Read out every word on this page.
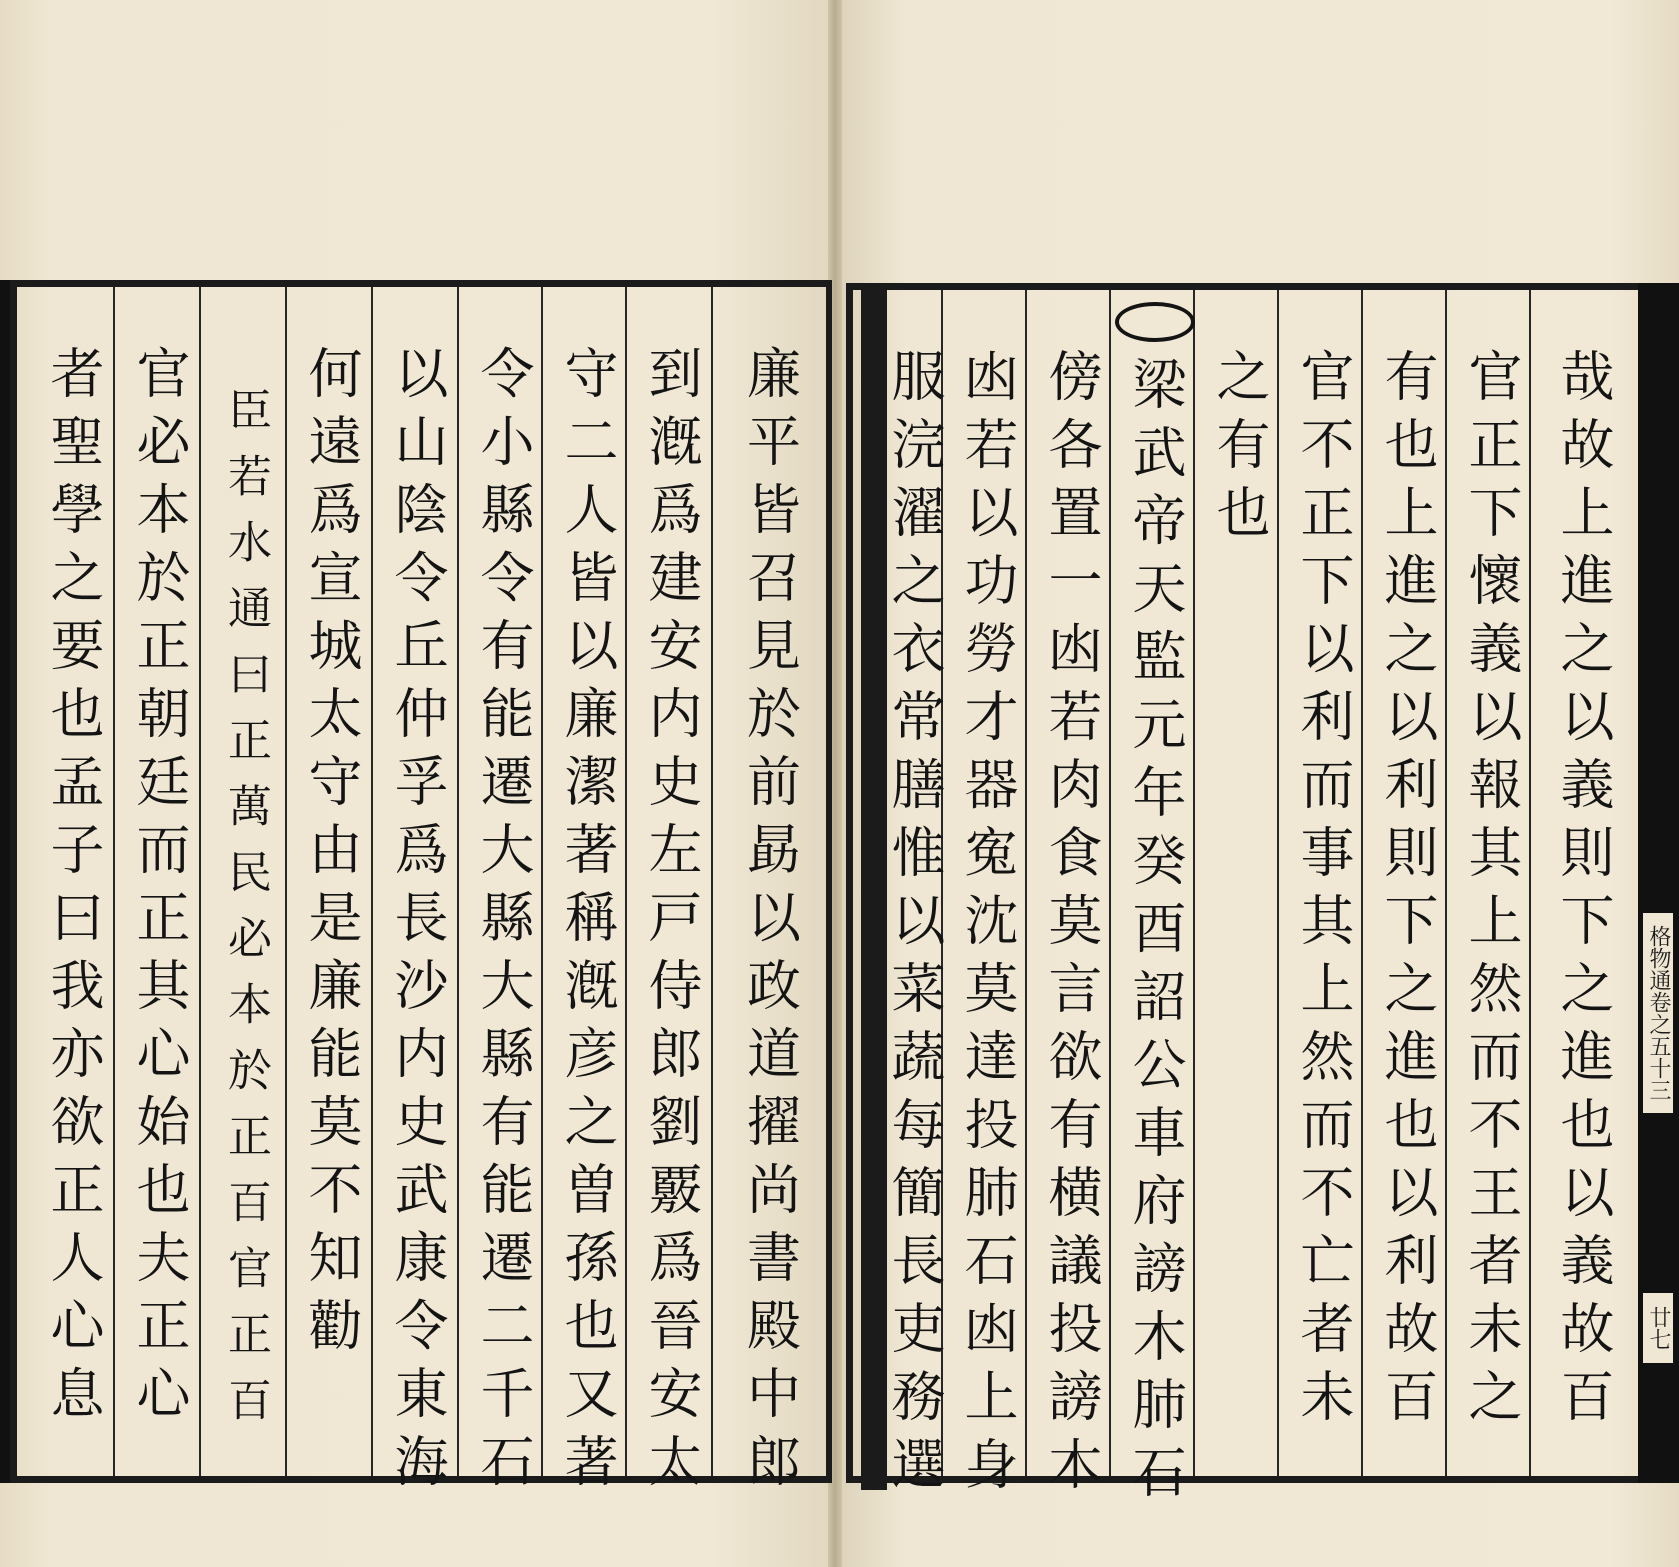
廉平皆召見於前勗以政道擢尚書殿中郎
到漑爲建安内史左戸侍郎劉覈爲晉安太
守二人皆以廉潔著稱漑彦之曽孫也又著
令小縣令有能遷大縣大縣有能遷二千石
以山陰令丘仲孚爲長沙内史武康令東海
何遠爲宣城太守由是廉能莫不知勸
臣若水通曰正萬民必本於正百官正百
官必本於正朝廷而正其心始也夫正心
者聖學之要也孟子曰我亦欲正人心息	哉故上進之以義則下之進也以義故百
官正下懷義以報其上然而不王者未之
有也上進之以利則下之進也以利故百
官不正下以利而事其上然而不亡者未
之有也
梁武帝天監元年癸酉詔公車府謗木肺石
傍各置一凼若肉食莫言欲有横議投謗木
凼若以功勞才器寃沈莫達投肺石凼上身
服浣濯之衣常膳惟以菜蔬每簡長吏務選	格物通卷之五十三
廿七
